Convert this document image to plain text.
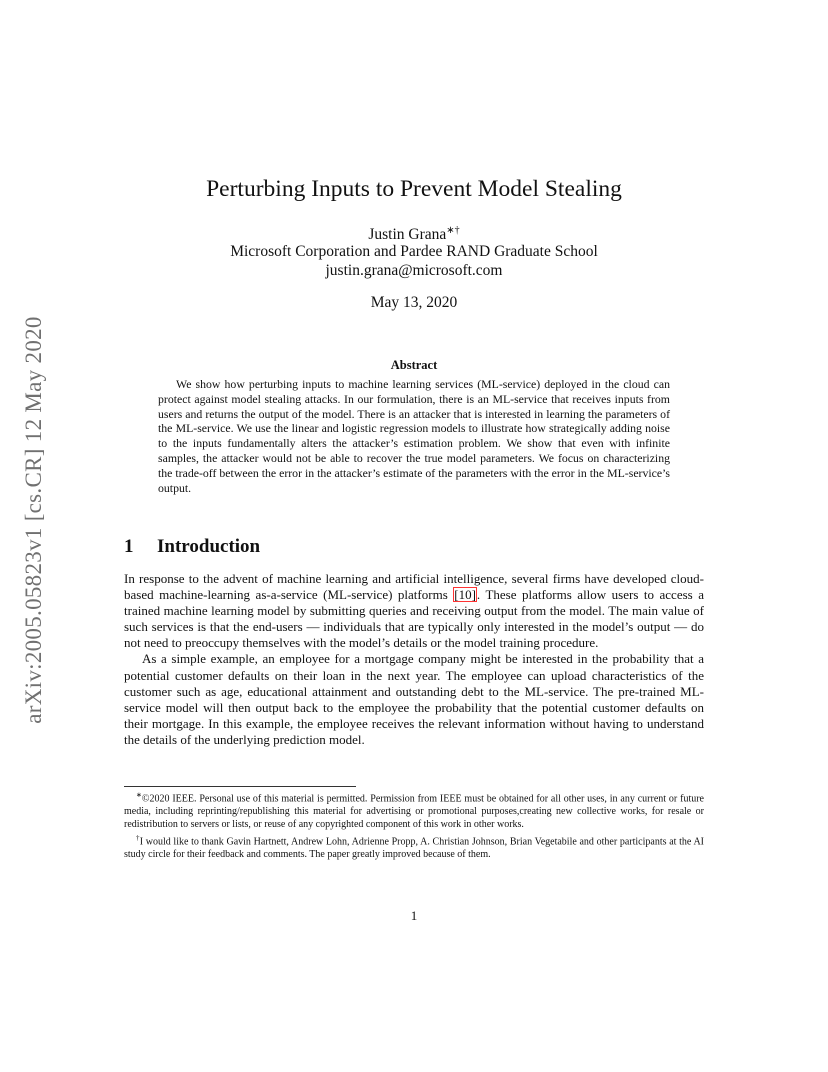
arXiv:2005.05823v1 [cs.CR] 12 May 2020
Perturbing Inputs to Prevent Model Stealing
Justin Grana∗†
Microsoft Corporation and Pardee RAND Graduate School
justin.grana@microsoft.com
May 13, 2020
Abstract
We show how perturbing inputs to machine learning services (ML-service) deployed in the cloud can protect against model stealing attacks. In our formulation, there is an ML-service that receives inputs from users and returns the output of the model. There is an attacker that is interested in learning the parameters of the ML-service. We use the linear and logistic regression models to illustrate how strategically adding noise to the inputs fundamentally alters the attacker’s estimation problem. We show that even with infinite samples, the attacker would not be able to recover the true model parameters. We focus on characterizing the trade-off between the error in the attacker’s estimate of the parameters with the error in the ML-service’s output.
1 Introduction

In response to the advent of machine learning and artificial intelligence, several firms have developed cloud-based machine-learning as-a-service (ML-service) platforms [10]. These platforms allow users to access a trained machine learning model by submitting queries and receiving output from the model. The main value of such services is that the end-users — individuals that are typically only interested in the model’s output — do not need to preoccupy themselves with the model’s details or the model training procedure.

As a simple example, an employee for a mortgage company might be interested in the probability that a potential customer defaults on their loan in the next year. The employee can upload characteristics of the customer such as age, educational attainment and outstanding debt to the ML-service. The pre-trained ML-service model will then output back to the employee the probability that the potential customer defaults on their mortgage. In this example, the employee receives the relevant information without having to understand the details of the underlying prediction model.

∗©2020 IEEE. Personal use of this material is permitted. Permission from IEEE must be obtained for all other uses, in any current or future media, including reprinting/republishing this material for advertising or promotional purposes,creating new collective works, for resale or redistribution to servers or lists, or reuse of any copyrighted component of this work in other works.

†I would like to thank Gavin Hartnett, Andrew Lohn, Adrienne Propp, A. Christian Johnson, Brian Vegetabile and other participants at the AI study circle for their feedback and comments. The paper greatly improved because of them.

1
